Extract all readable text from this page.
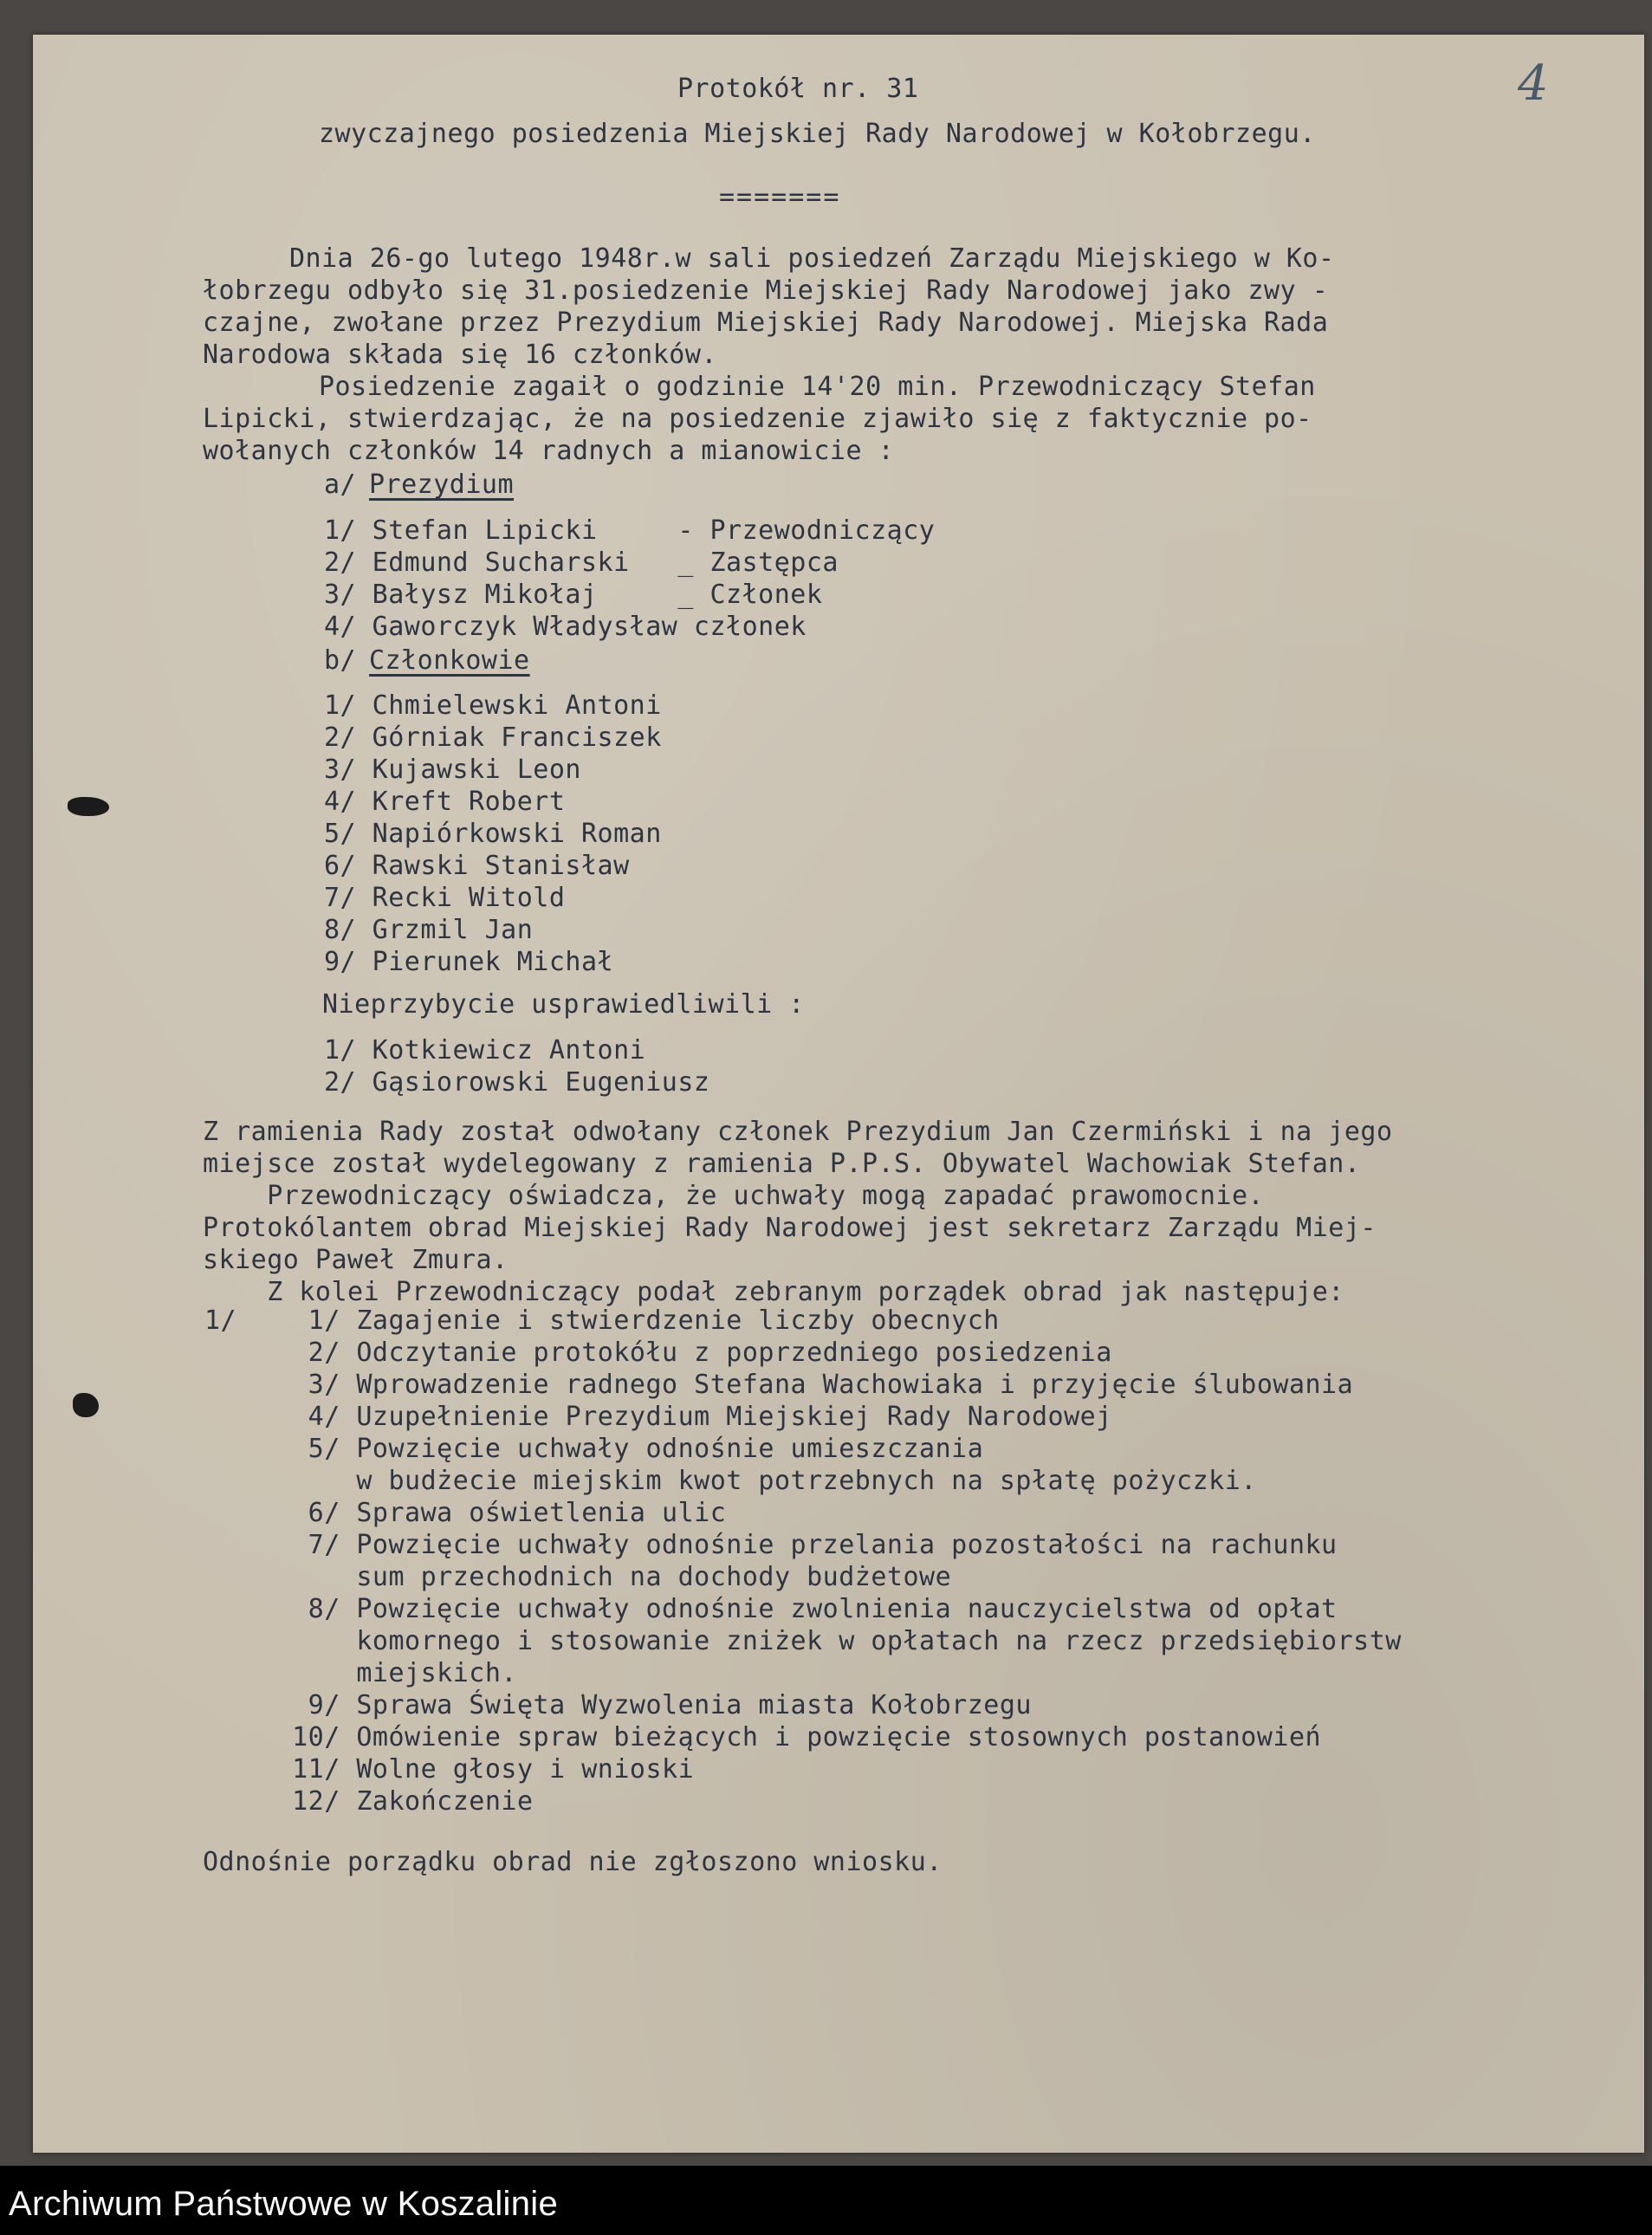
4
Protokół nr. 31
zwyczajnego posiedzenia Miejskiej Rady Narodowej w Kołobrzegu.
=======
Dnia 26-go lutego 1948r.w sali posiedzeń Zarządu Miejskiego w Ko-
łobrzegu odbyło się 31.posiedzenie Miejskiej Rady Narodowej jako zwy -
czajne, zwołane przez Prezydium Miejskiej Rady Narodowej. Miejska Rada
Narodowa składa się 16 członków.
Posiedzenie zagaił o godzinie 14'20 min. Przewodniczący Stefan
Lipicki, stwierdzając, że na posiedzenie zjawiło się z faktycznie po-
wołanych członków 14 radnych a mianowicie :
a/ Prezydium
1/ Stefan Lipicki     - Przewodniczący
2/ Edmund Sucharski   _ Zastępca
3/ Bałysz Mikołaj     _ Członek
4/ Gaworczyk Władysław członek
b/ Członkowie
1/ Chmielewski Antoni
2/ Górniak Franciszek
3/ Kujawski Leon
4/ Kreft Robert
5/ Napiórkowski Roman
6/ Rawski Stanisław
7/ Recki Witold
8/ Grzmil Jan
9/ Pierunek Michał
Nieprzybycie usprawiedliwili :
1/ Kotkiewicz Antoni
2/ Gąsiorowski Eugeniusz
Z ramienia Rady został odwołany członek Prezydium Jan Czermiński i na jego
miejsce został wydelegowany z ramienia P.P.S. Obywatel Wachowiak Stefan.
Przewodniczący oświadcza, że uchwały mogą zapadać prawomocnie.
Protokólantem obrad Miejskiej Rady Narodowej jest sekretarz Zarządu Miej-
skiego Paweł Zmura.
Z kolei Przewodniczący podał zebranym porządek obrad jak następuje:
1/ 1/ Zagajenie i stwierdzenie liczby obecnych
2/ Odczytanie protokółu z poprzedniego posiedzenia
3/ Wprowadzenie radnego Stefana Wachowiaka i przyjęcie ślubowania
4/ Uzupełnienie Prezydium Miejskiej Rady Narodowej
5/ Powzięcie uchwały odnośnie umieszczania
w budżecie miejskim kwot potrzebnych na spłatę pożyczki.
6/ Sprawa oświetlenia ulic
7/ Powzięcie uchwały odnośnie przelania pozostałości na rachunku
sum przechodnich na dochody budżetowe
8/ Powzięcie uchwały odnośnie zwolnienia nauczycielstwa od opłat
komornego i stosowanie zniżek w opłatach na rzecz przedsiębiorstw
miejskich.
9/ Sprawa Święta Wyzwolenia miasta Kołobrzegu
10/ Omówienie spraw bieżących i powzięcie stosownych postanowień
11/ Wolne głosy i wnioski
12/ Zakończenie
Odnośnie porządku obrad nie zgłoszono wniosku.
Archiwum Państwowe w Koszalinie
